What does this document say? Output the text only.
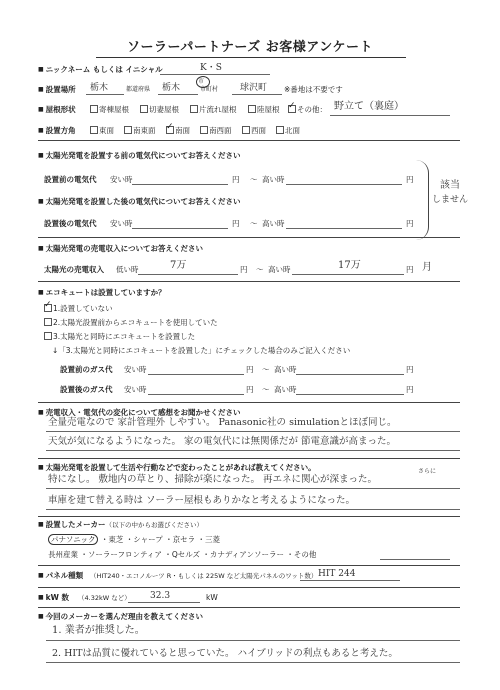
ソーラーパートナーズ お客様アンケート
■ ニックネーム もしくは イニシャル	K・S
■ 設置場所 栃木	都道府県 栃木	市町村
市
球沢町 ※番地は不要です
■ 屋根形状	寄棟屋根	切妻屋根	片流れ屋根	陸屋根 ✓	その他： 野立て（裏庭）
■ 設置方角	東面	南東面 ✓	南面	南西面	西面	北面
■ 太陽光発電を設置する前の電気代についてお答えください
設置前の電気代 安い時	円 〜 高い時	円
■ 太陽光発電を設置した後の電気代についてお答えください
設置後の電気代 安い時	円 〜 高い時	円
該当
しません
■ 太陽光発電の売電収入についてお答えください
太陽光の売電収入 低い時	7万	円 〜 高い時	17万	円 月
■ エコキュートは設置していますか？
✓1.設置していない
2.太陽光設置前からエコキュートを使用していた
3.太陽光と同時にエコキュートを設置した
↓「3.太陽光と同時にエコキュートを設置した」にチェックした場合のみご記入ください
設置前のガス代 安い時	円 〜 高い時	円
設置後のガス代 安い時	円 〜 高い時	円
■ 売電収入・電気代の変化について感想をお聞かせください
全量売電なので 家計管理外 しやすい。 Panasonic社の simulationとほぼ同じ。
天気が気になるようになった。 家の電気代には無関係だが 節電意識が高まった。
■ 太陽光発電を設置して生活や行動などで変わったことがあれば教えてください。	さらに
特になし。 敷地内の草とり、掃除が楽になった。 再エネに関心が深まった。
車庫を建て替える時は ソーラー屋根もありかなと考えるようになった。
■ 設置したメーカー（以下の中からお選びください）
パナソニック ・東芝 ・シャープ ・京セラ ・三菱
長州産業 ・ソーラーフロンティア ・Qセルズ ・カナディアンソーラー ・その他
■ パネル種類 （HIT240・エコノルーツ R・もしくは 225W など太陽光パネルのワット数） HIT 244
■ kW 数 （4.32kW など） 32.3	kW
■ 今回のメーカーを選んだ理由を教えてください
1. 業者が推奨した。
2. HITは品質に優れていると思っていた。 ハイブリッドの利点もあると考えた。
